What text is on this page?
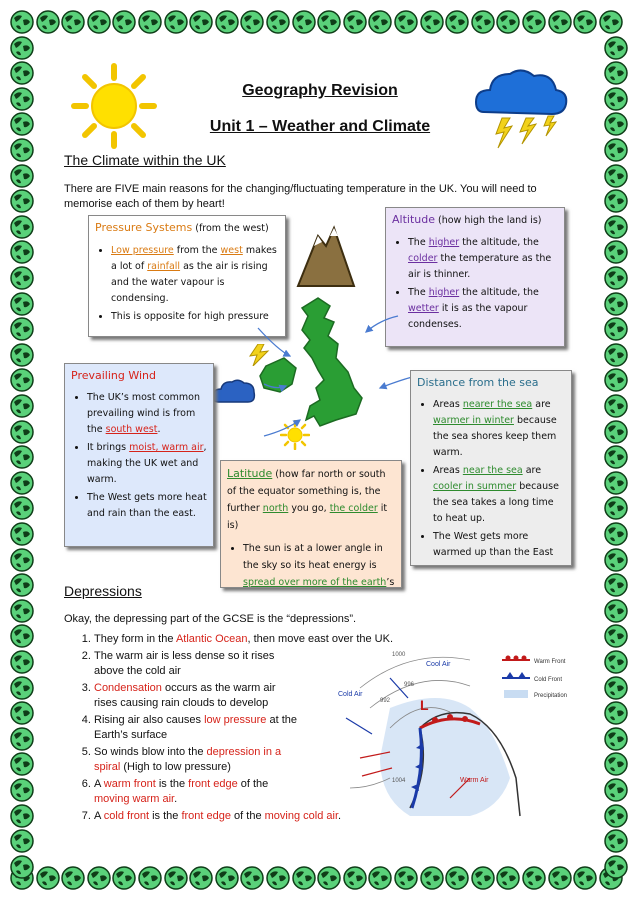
Geography Revision
Unit 1 – Weather and Climate
The Climate within the UK
There are FIVE main reasons for the changing/fluctuating temperature in the UK. You will need to memorise each of them by heart!
Pressure Systems (from the west)
• Low pressure from the west makes a lot of rainfall as the air is rising and the water vapour is condensing.
• This is opposite for high pressure
Altitude (how high the land is)
• The higher the altitude, the colder the temperature as the air is thinner.
• The higher the altitude, the wetter it is as the vapour condenses.
Prevailing Wind
• The UK’s most common prevailing wind is from the south west.
• It brings moist, warm air, making the UK wet and warm.
• The West gets more heat and rain than the east.
Latitude (how far north or south of the equator something is, the further north you go, the colder it is)
• The sun is at a lower angle in the sky so its heat energy is spread over more of the earth’s
Distance from the sea
• Areas nearer the sea are warmer in winter because the sea shores keep them warm.
• Areas near the sea are cooler in summer because the sea takes a long time to heat up.
• The West gets more warmed up than the East
Depressions
Okay, the depressing part of the GCSE is the “depressions”.
1. They form in the Atlantic Ocean, then move east over the UK.
2. The warm air is less dense so it rises above the cold air
3. Condensation occurs as the warm air rises causing rain clouds to develop
4. Rising air also causes low pressure at the Earth’s surface
5. So winds blow into the depression in a spiral (High to low pressure)
6. A warm front is the front edge of the moving warm air.
7. A cold front is the front edge of the moving cold air.
Cold Air
Cool Air
Warm Air
L
1000
996
992
1004
Warm Front
Cold Front
Precipitation
